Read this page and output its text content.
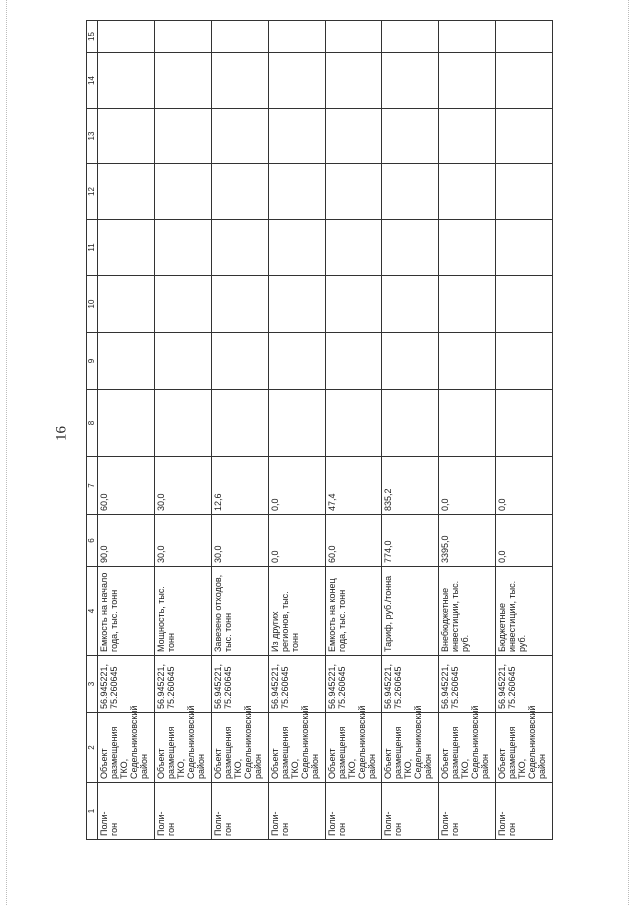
16
1	2	3	4	6	7	8	9	10	11	12	13	14	15
Поли-
гон	Объект
размещения ТКО,
Седельниковский
район	56.945221,
75.260645	Емкость на начало
года, тыс. тонн	90,0	60,0								
Поли-
гон	Объект
размещения ТКО,
Седельниковский
район	56.945221,
75.260645	Мощность, тыс.
тонн	30,0	30,0								
Поли-
гон	Объект
размещения ТКО,
Седельниковский
район	56.945221,
75.260645	Завезено отходов,
тыс. тонн	30,0	12,6								
Поли-
гон	Объект
размещения ТКО,
Седельниковский
район	56.945221,
75.260645	Из других
регионов, тыс.
тонн	0,0	0,0								
Поли-
гон	Объект
размещения ТКО,
Седельниковский
район	56.945221,
75.260645	Емкость на конец
года, тыс. тонн	60,0	47,4								
Поли-
гон	Объект
размещения ТКО,
Седельниковский
район	56.945221,
75.260645	Тариф, руб./тонна	774,0	835,2								
Поли-
гон	Объект
размещения ТКО,
Седельниковский
район	56.945221,
75.260645	Внебюджетные
инвестиции, тыс.
руб.	3395,0	0,0								
Поли-
гон	Объект
размещения ТКО,
Седельниковский
район	56.945221,
75.260645	Бюджетные
инвестиции, тыс.
руб.	0,0	0,0								
